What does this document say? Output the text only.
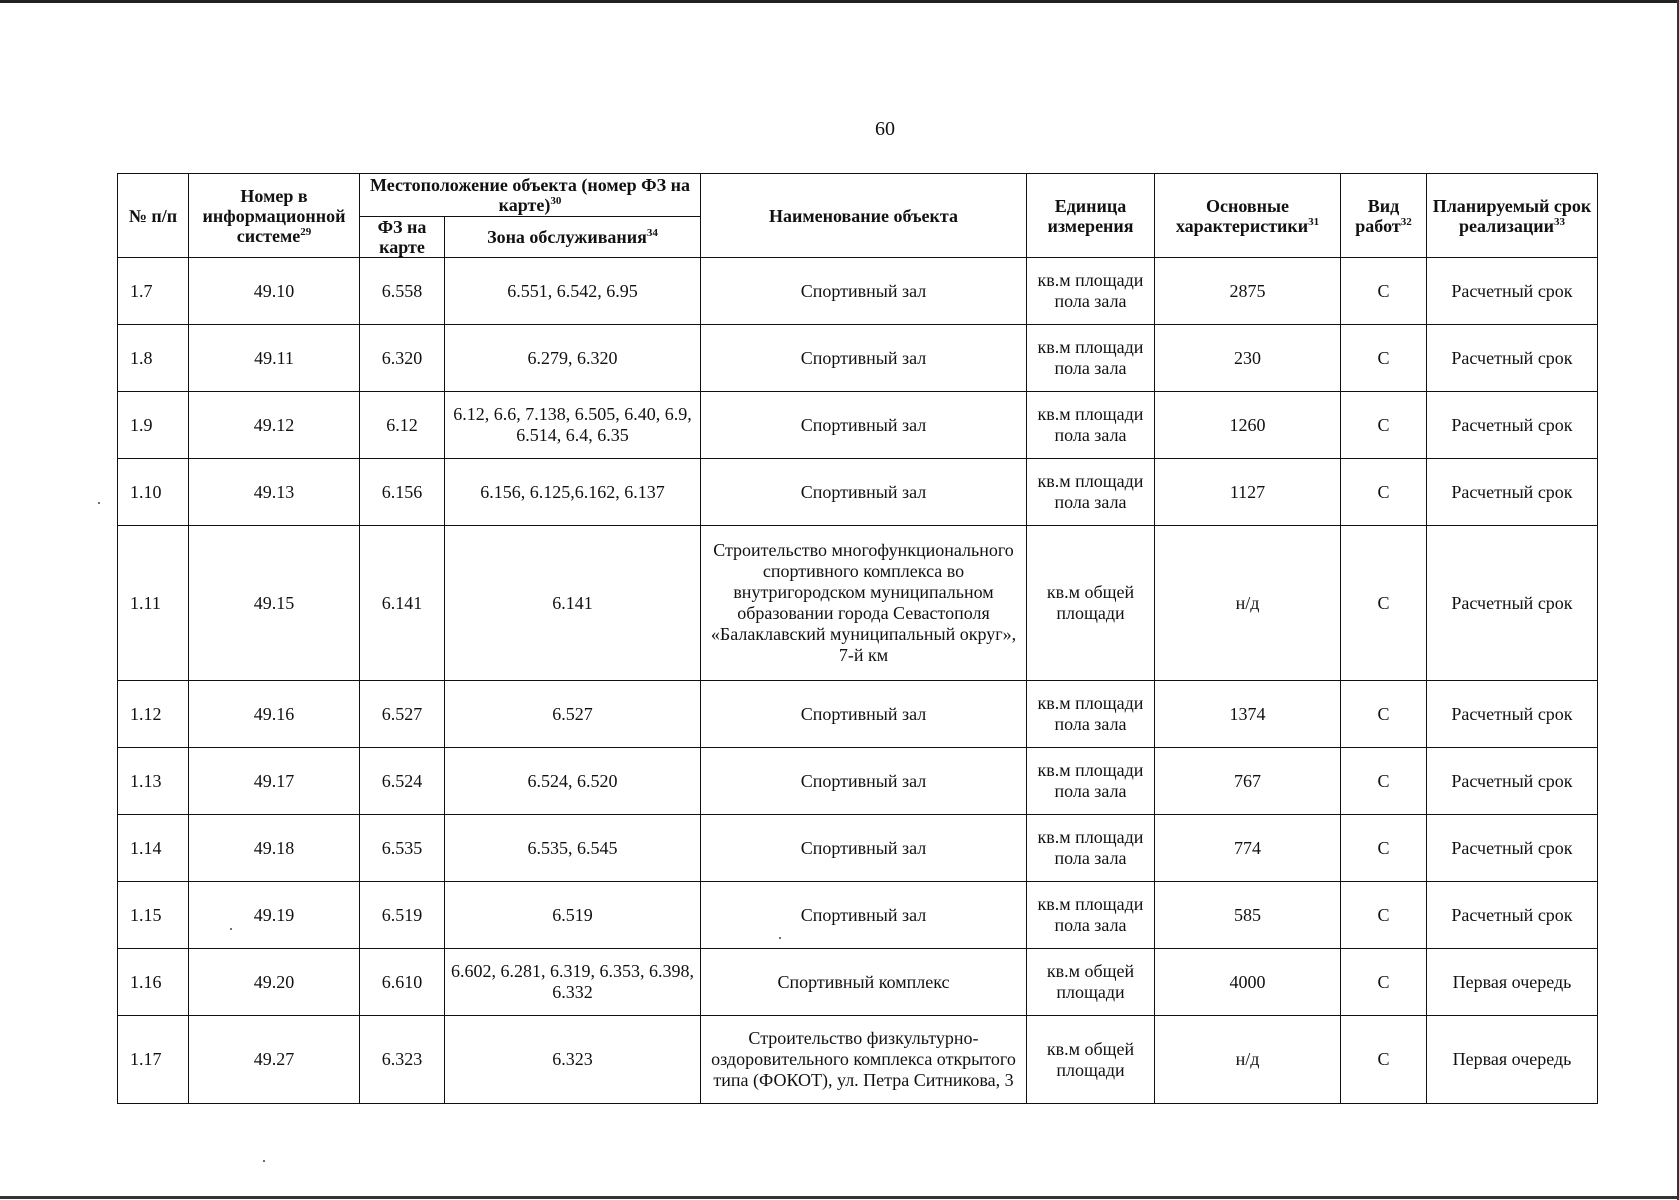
60
№ п/п	Номер в информационной системе$^{29}$	Местоположение объекта (номер ФЗ на карте)$^{30}$		Наименование объекта	Единица измерения	Основные характеристики$^{31}$	Вид работ$^{32}$	Планируемый срок реализации$^{33}$
		ФЗ на карте	Зона обслуживания$^{34}$
1.7	49.10	6.558	6.551, 6.542, 6.95	Спортивный зал	кв.м площади пола зала	2875	С	Расчетный срок
1.8	49.11	6.320	6.279, 6.320	Спортивный зал	кв.м площади пола зала	230	С	Расчетный срок
1.9	49.12	6.12	6.12, 6.6, 7.138, 6.505, 6.40, 6.9, 6.514, 6.4, 6.35	Спортивный зал	кв.м площади пола зала	1260	С	Расчетный срок
1.10	49.13	6.156	6.156, 6.125,6.162, 6.137	Спортивный зал	кв.м площади пола зала	1127	С	Расчетный срок
1.11	49.15	6.141	6.141	Строительство многофункционального спортивного комплекса во внутригородском муниципальном образовании города Севастополя «Балаклавский муниципальный округ», 7-й км	кв.м общей площади	н/д	С	Расчетный срок
1.12	49.16	6.527	6.527	Спортивный зал	кв.м площади пола зала	1374	С	Расчетный срок
1.13	49.17	6.524	6.524, 6.520	Спортивный зал	кв.м площади пола зала	767	С	Расчетный срок
1.14	49.18	6.535	6.535, 6.545	Спортивный зал	кв.м площади пола зала	774	С	Расчетный срок
1.15	49.19	6.519	6.519	Спортивный зал	кв.м площади пола зала	585	С	Расчетный срок
1.16	49.20	6.610	6.602, 6.281, 6.319, 6.353, 6.398, 6.332	Спортивный комплекс	кв.м общей площади	4000	С	Первая очередь
1.17	49.27	6.323	6.323	Строительство физкультурно-оздоровительного комплекса открытого типа (ФОКОТ), ул. Петра Ситникова, 3	кв.м общей площади	н/д	С	Первая очередь
